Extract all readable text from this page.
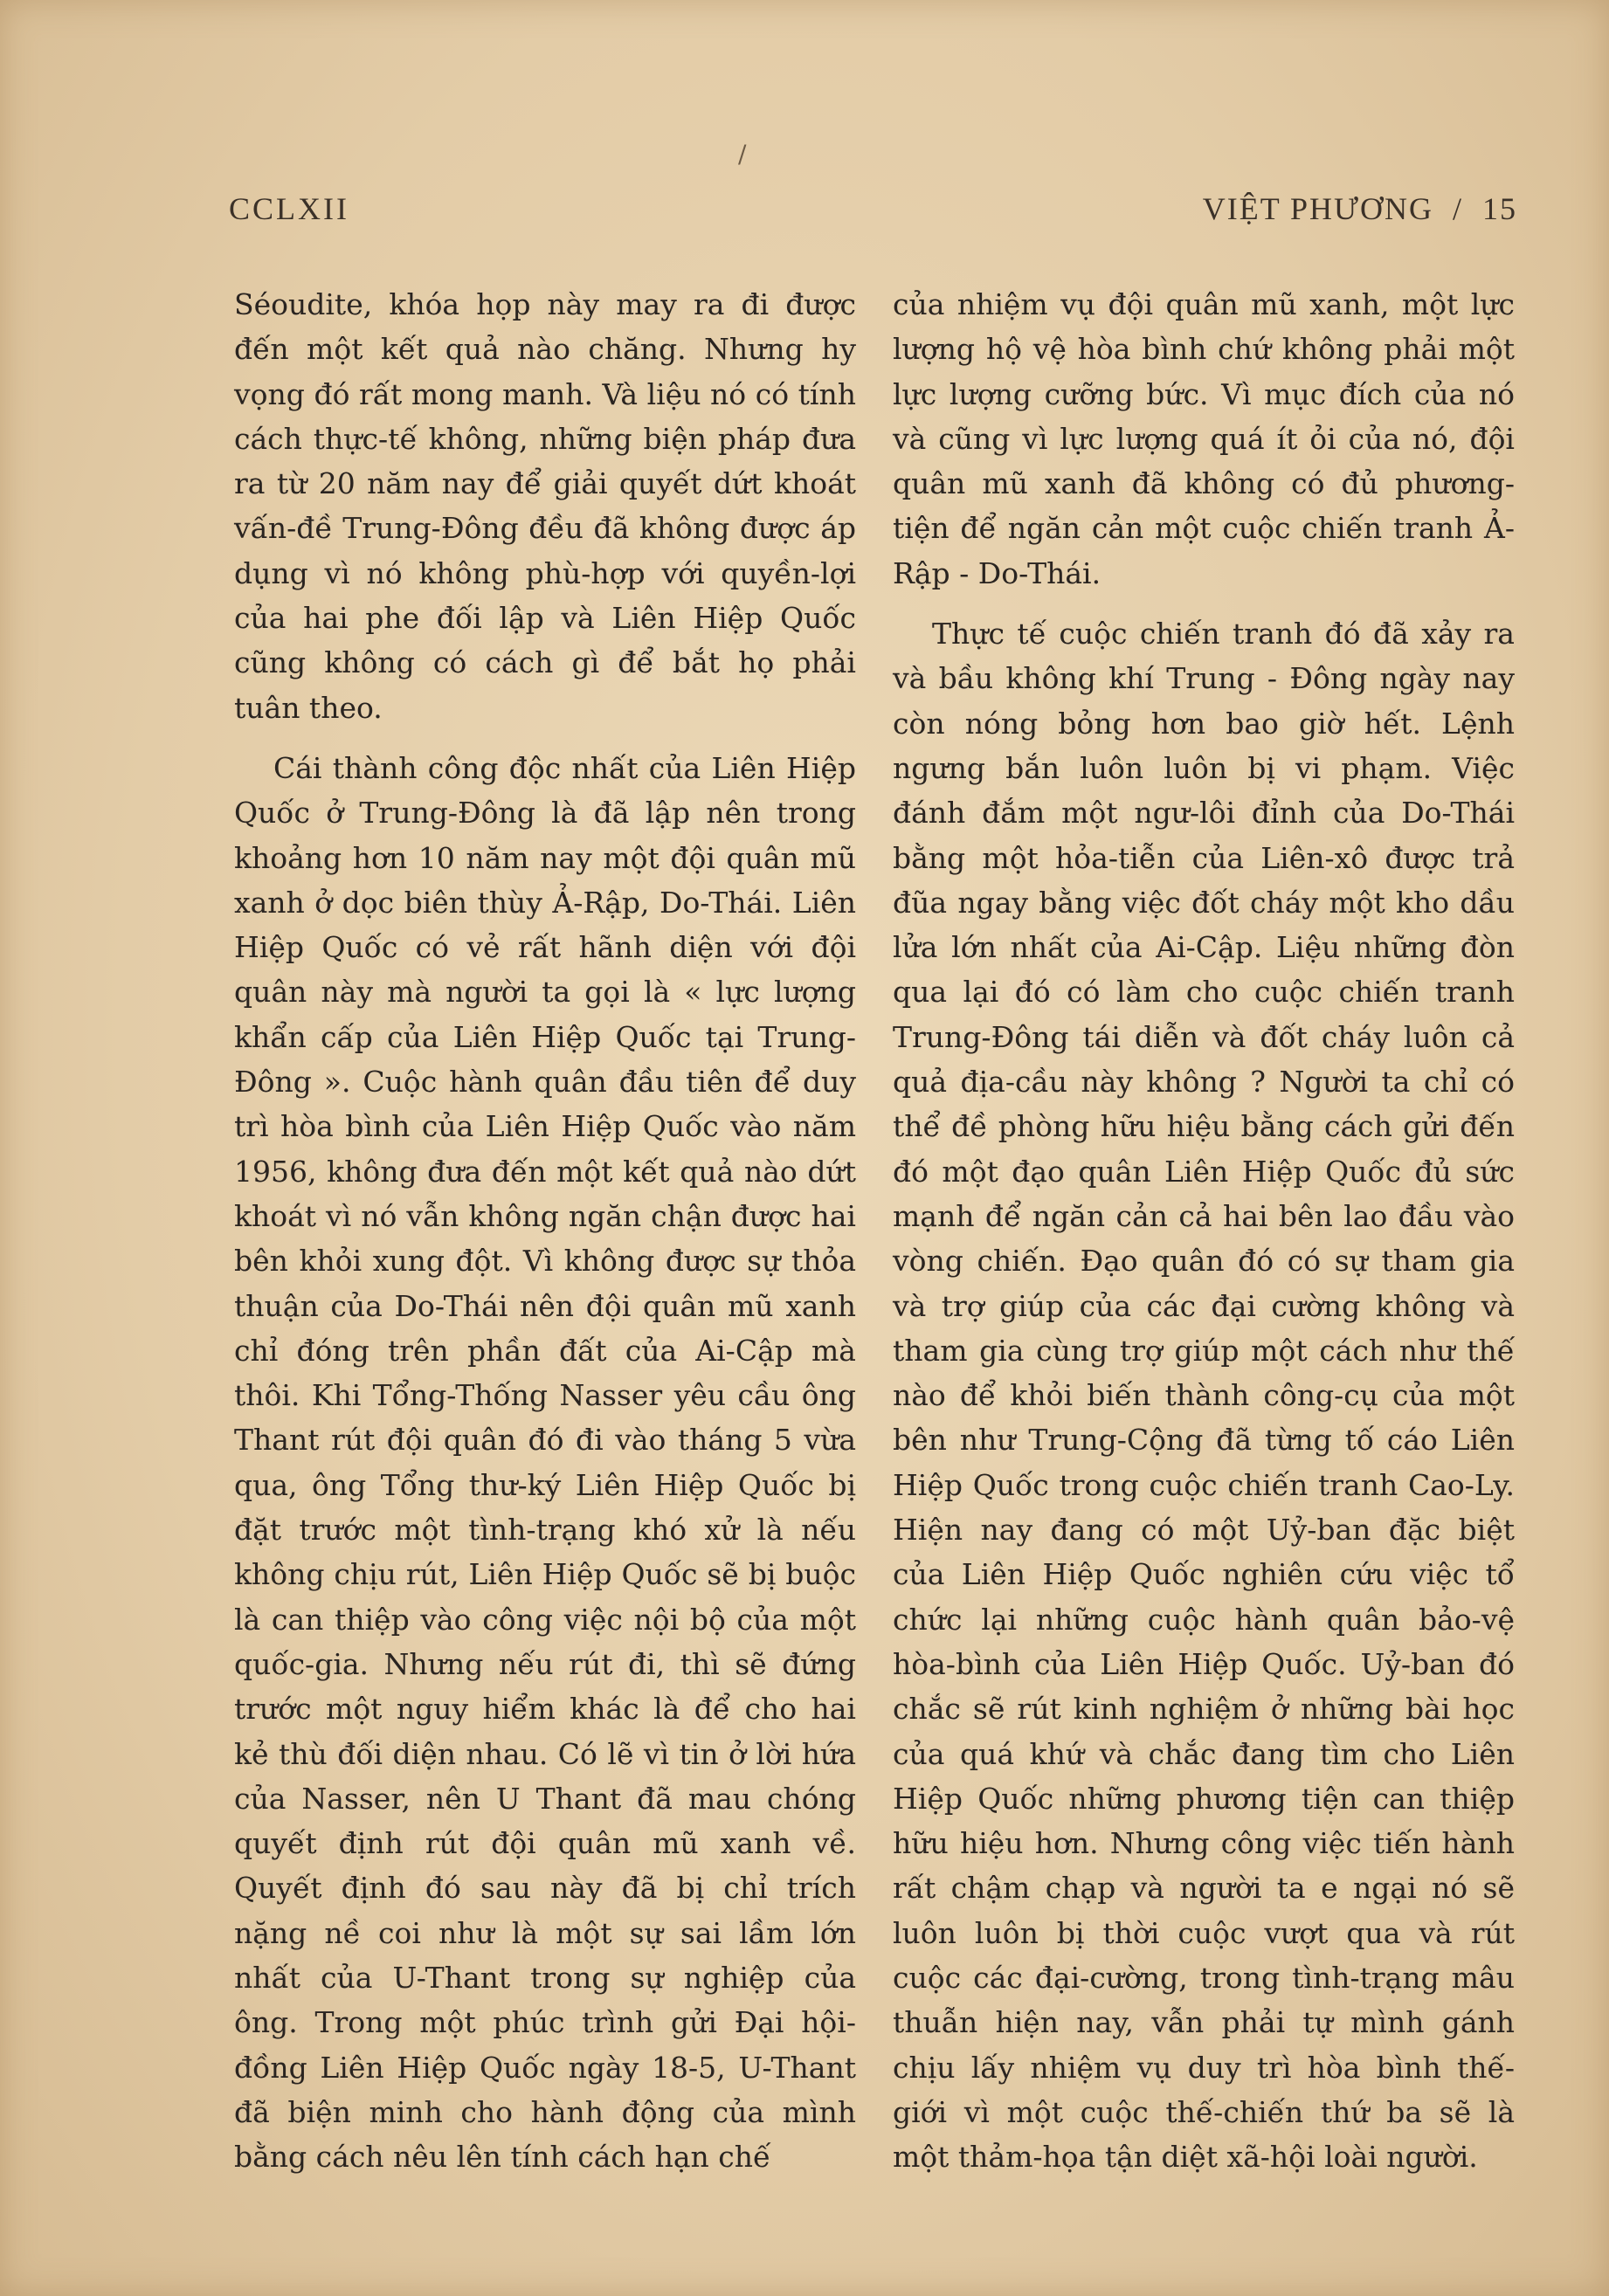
/
CCLXII	VIỆT PHƯƠNG / 15

Séoudite, khóa họp này may ra đi được đến một kết quả nào chăng. Nhưng hy vọng đó rất mong manh. Và liệu nó có tính cách thực-tế không, những biện pháp đưa ra từ 20 năm nay để giải quyết dứt khoát vấn-đề Trung-Đông đều đã không được áp dụng vì nó không phù-hợp với quyền-lợi của hai phe đối lập và Liên Hiệp Quốc cũng không có cách gì để bắt họ phải tuân theo.

Cái thành công độc nhất của Liên Hiệp Quốc ở Trung-Đông là đã lập nên trong khoảng hơn 10 năm nay một đội quân mũ xanh ở dọc biên thùy Ả-Rập, Do-Thái. Liên Hiệp Quốc có vẻ rất hãnh diện với đội quân này mà người ta gọi là « lực lượng khẩn cấp của Liên Hiệp Quốc tại Trung-Đông ». Cuộc hành quân đầu tiên để duy trì hòa bình của Liên Hiệp Quốc vào năm 1956, không đưa đến một kết quả nào dứt khoát vì nó vẫn không ngăn chận được hai bên khỏi xung đột. Vì không được sự thỏa thuận của Do-Thái nên đội quân mũ xanh chỉ đóng trên phần đất của Ai-Cập mà thôi. Khi Tổng-Thống Nasser yêu cầu ông Thant rút đội quân đó đi vào tháng 5 vừa qua, ông Tổng thư-ký Liên Hiệp Quốc bị đặt trước một tình-trạng khó xử là nếu không chịu rút, Liên Hiệp Quốc sẽ bị buộc là can thiệp vào công việc nội bộ của một quốc-gia. Nhưng nếu rút đi, thì sẽ đứng trước một nguy hiểm khác là để cho hai kẻ thù đối diện nhau. Có lẽ vì tin ở lời hứa của Nasser, nên U Thant đã mau chóng quyết định rút đội quân mũ xanh về. Quyết định đó sau này đã bị chỉ trích nặng nề coi như là một sự sai lầm lớn nhất của U-Thant trong sự nghiệp của ông. Trong một phúc trình gửi Đại hội-đồng Liên Hiệp Quốc ngày 18-5, U-Thant đã biện minh cho hành động của mình bằng cách nêu lên tính cách hạn chế

của nhiệm vụ đội quân mũ xanh, một lực lượng hộ vệ hòa bình chứ không phải một lực lượng cưỡng bức. Vì mục đích của nó và cũng vì lực lượng quá ít ỏi của nó, đội quân mũ xanh đã không có đủ phương-tiện để ngăn cản một cuộc chiến tranh Ả-Rập - Do-Thái.

Thực tế cuộc chiến tranh đó đã xảy ra và bầu không khí Trung - Đông ngày nay còn nóng bỏng hơn bao giờ hết. Lệnh ngưng bắn luôn luôn bị vi phạm. Việc đánh đắm một ngư-lôi đỉnh của Do-Thái bằng một hỏa-tiễn của Liên-xô được trả đũa ngay bằng việc đốt cháy một kho dầu lửa lớn nhất của Ai-Cập. Liệu những đòn qua lại đó có làm cho cuộc chiến tranh Trung-Đông tái diễn và đốt cháy luôn cả quả địa-cầu này không ? Người ta chỉ có thể đề phòng hữu hiệu bằng cách gửi đến đó một đạo quân Liên Hiệp Quốc đủ sức mạnh để ngăn cản cả hai bên lao đầu vào vòng chiến. Đạo quân đó có sự tham gia và trợ giúp của các đại cường không và tham gia cùng trợ giúp một cách như thế nào để khỏi biến thành công-cụ của một bên như Trung-Cộng đã từng tố cáo Liên Hiệp Quốc trong cuộc chiến tranh Cao-Ly. Hiện nay đang có một Uỷ-ban đặc biệt của Liên Hiệp Quốc nghiên cứu việc tổ chức lại những cuộc hành quân bảo-vệ hòa-bình của Liên Hiệp Quốc. Uỷ-ban đó chắc sẽ rút kinh nghiệm ở những bài học của quá khứ và chắc đang tìm cho Liên Hiệp Quốc những phương tiện can thiệp hữu hiệu hơn. Nhưng công việc tiến hành rất chậm chạp và người ta e ngại nó sẽ luôn luôn bị thời cuộc vượt qua và rút cuộc các đại-cường, trong tình-trạng mâu thuẫn hiện nay, vẫn phải tự mình gánh chịu lấy nhiệm vụ duy trì hòa bình thế-giới vì một cuộc thế-chiến thứ ba sẽ là một thảm-họa tận diệt xã-hội loài người.
